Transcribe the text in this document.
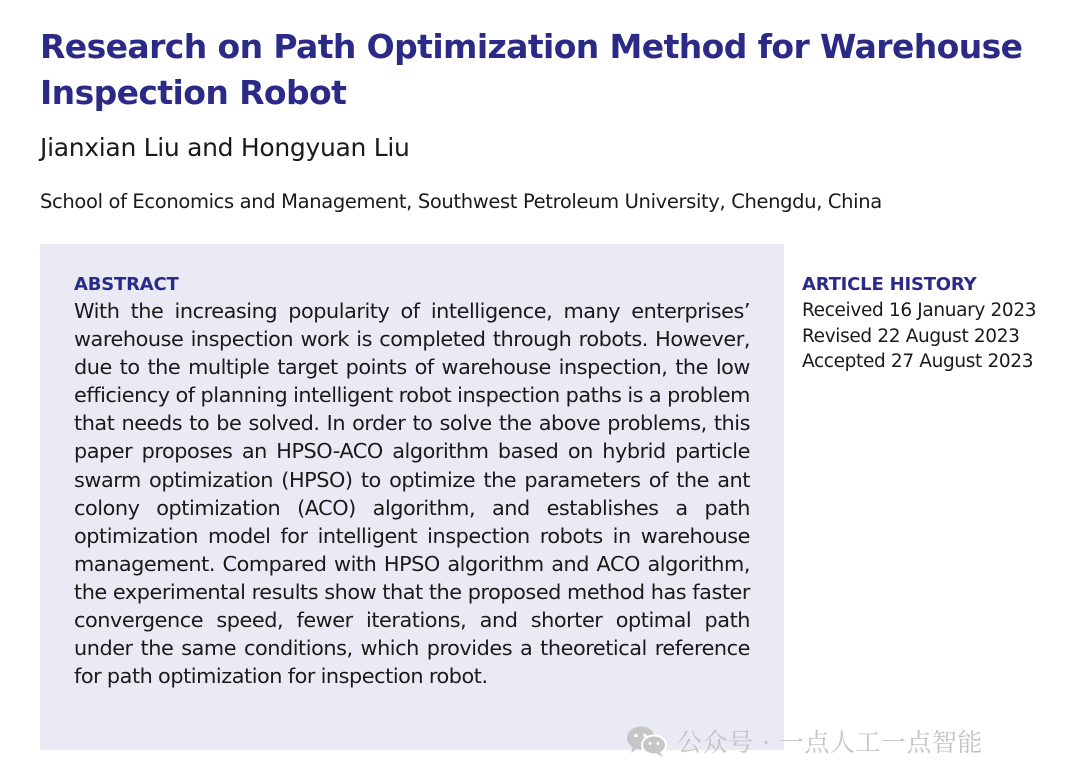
Research on Path Optimization Method for Warehouse Inspection Robot

Jianxian Liu and Hongyuan Liu

School of Economics and Management, Southwest Petroleum University, Chengdu, China

ABSTRACT

With the increasing popularity of intelligence, many enterprises’ warehouse inspection work is completed through robots. However, due to the multiple target points of warehouse inspection, the low efficiency of planning intelligent robot inspection paths is a problem that needs to be solved. In order to solve the above problems, this paper proposes an HPSO-ACO algorithm based on hybrid particle swarm optimization (HPSO) to optimize the parameters of the ant colony optimization (ACO) algorithm, and establishes a path optimization model for intelligent inspection robots in warehouse management. Compared with HPSO algorithm and ACO algorithm, the experimental results show that the proposed method has faster convergence speed, fewer iterations, and shorter optimal path under the same conditions, which provides a theoretical reference for path optimization for inspection robot.

ARTICLE HISTORY
Received 16 January 2023
Revised 22 August 2023
Accepted 27 August 2023
公众号 · 一点人工一点智能
